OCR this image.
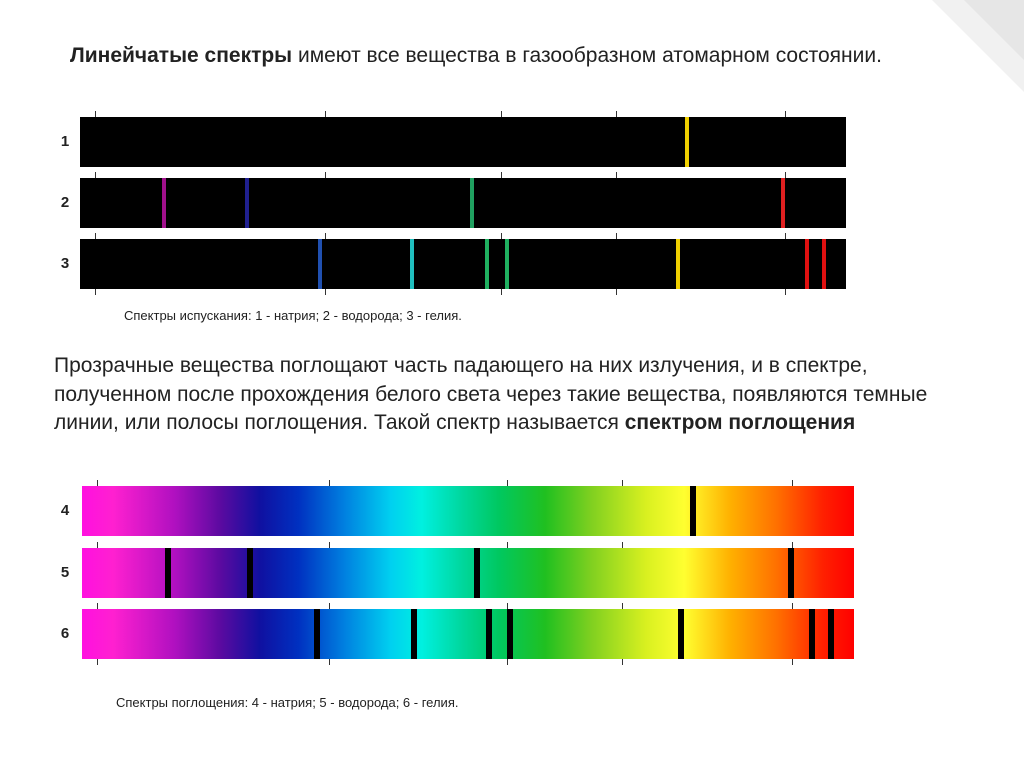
Линейчатые спектры имеют все вещества в газообразном атомарном состоянии.

1
2
3
Спектры испускания: 1 - натрия; 2 - водорода; 3 - гелия.

Прозрачные вещества поглощают часть падающего на них излучения, и в спектре, полученном после прохождения белого света через такие вещества, появляются темные линии, или полосы поглощения. Такой спектр называется спектром поглощения

4
5
6
Спектры поглощения: 4 - натрия; 5 - водорода; 6 - гелия.
